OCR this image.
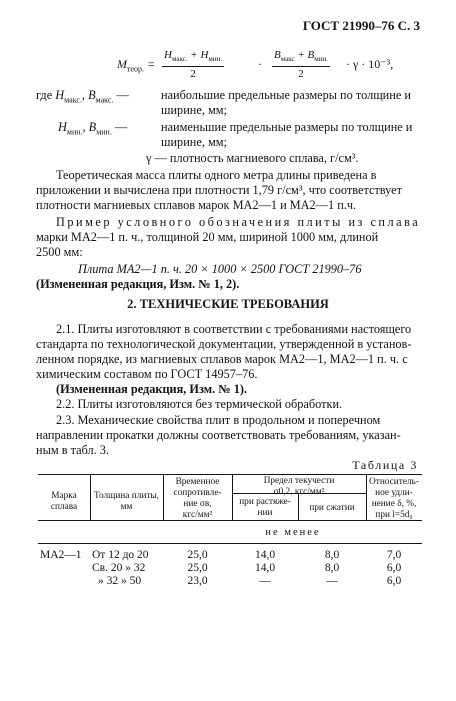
ГОСТ 21990–76 С. 3
$M_{теор.}$ =
$H_{макс.} + H_{мин.}$
2
·
$B_{макс} + B_{мин.}$
2
· γ · 10⁻³,
где $H_{макс.}$, $B_{макс.}$ —	наибольшие предельные размеры по толщине и
ширине, мм;
$H_{мин.}$, $B_{мин.}$ —	наименьшие предельные размеры по толщине и
ширине, мм;
γ — плотность магниевого сплава, г/см³.
Теоретическая масса плиты одного метра длины приведена в
приложении и вычислена при плотности 1,79 г/см³, что соответствует
плотности магниевых сплавов марок МА2—1 и МА2—1 п.ч.
Пример условного обозначения плиты из сплава
марки МА2—1 п. ч., толщиной 20 мм, шириной 1000 мм, длиной
2500 мм:
Плита МА2—1 п. ч. 20 × 1000 × 2500 ГОСТ 21990–76
(Измененная редакция, Изм. № 1, 2).
2. ТЕХНИЧЕСКИЕ ТРЕБОВАНИЯ
2.1. Плиты изготовляют в соответствии с требованиями настоящего
стандарта по технологической документации, утвержденной в установ-
ленном порядке, из магниевых сплавов марок МА2—1, МА2—1 п. ч. с
химическим составом по ГОСТ 14957–76.
(Измененная редакция, Изм. № 1).
2.2. Плиты изготовляются без термической обработки.
2.3. Механические свойства плит в продольном и поперечном
направлении прокатки должны соответствовать требованиям, указан-
ным в табл. 3.
Таблица 3
Марка
сплава
Толщина плиты,
мм
Временное
сопротивле-
ние σв,
кгс/мм²
Предел текучести
σ0,2, кгс/мм²
при растяже-
нии	при сжатии
Относитель-
ное удли-
нение δ, %,
при l=5d₀
не менее
МА2—1 От 12 до 20	25,0	14,0	8,0	7,0
Св. 20 » 32	25,0	14,0	8,0	6,0
» 32 » 50	23,0	—	—	6,0
